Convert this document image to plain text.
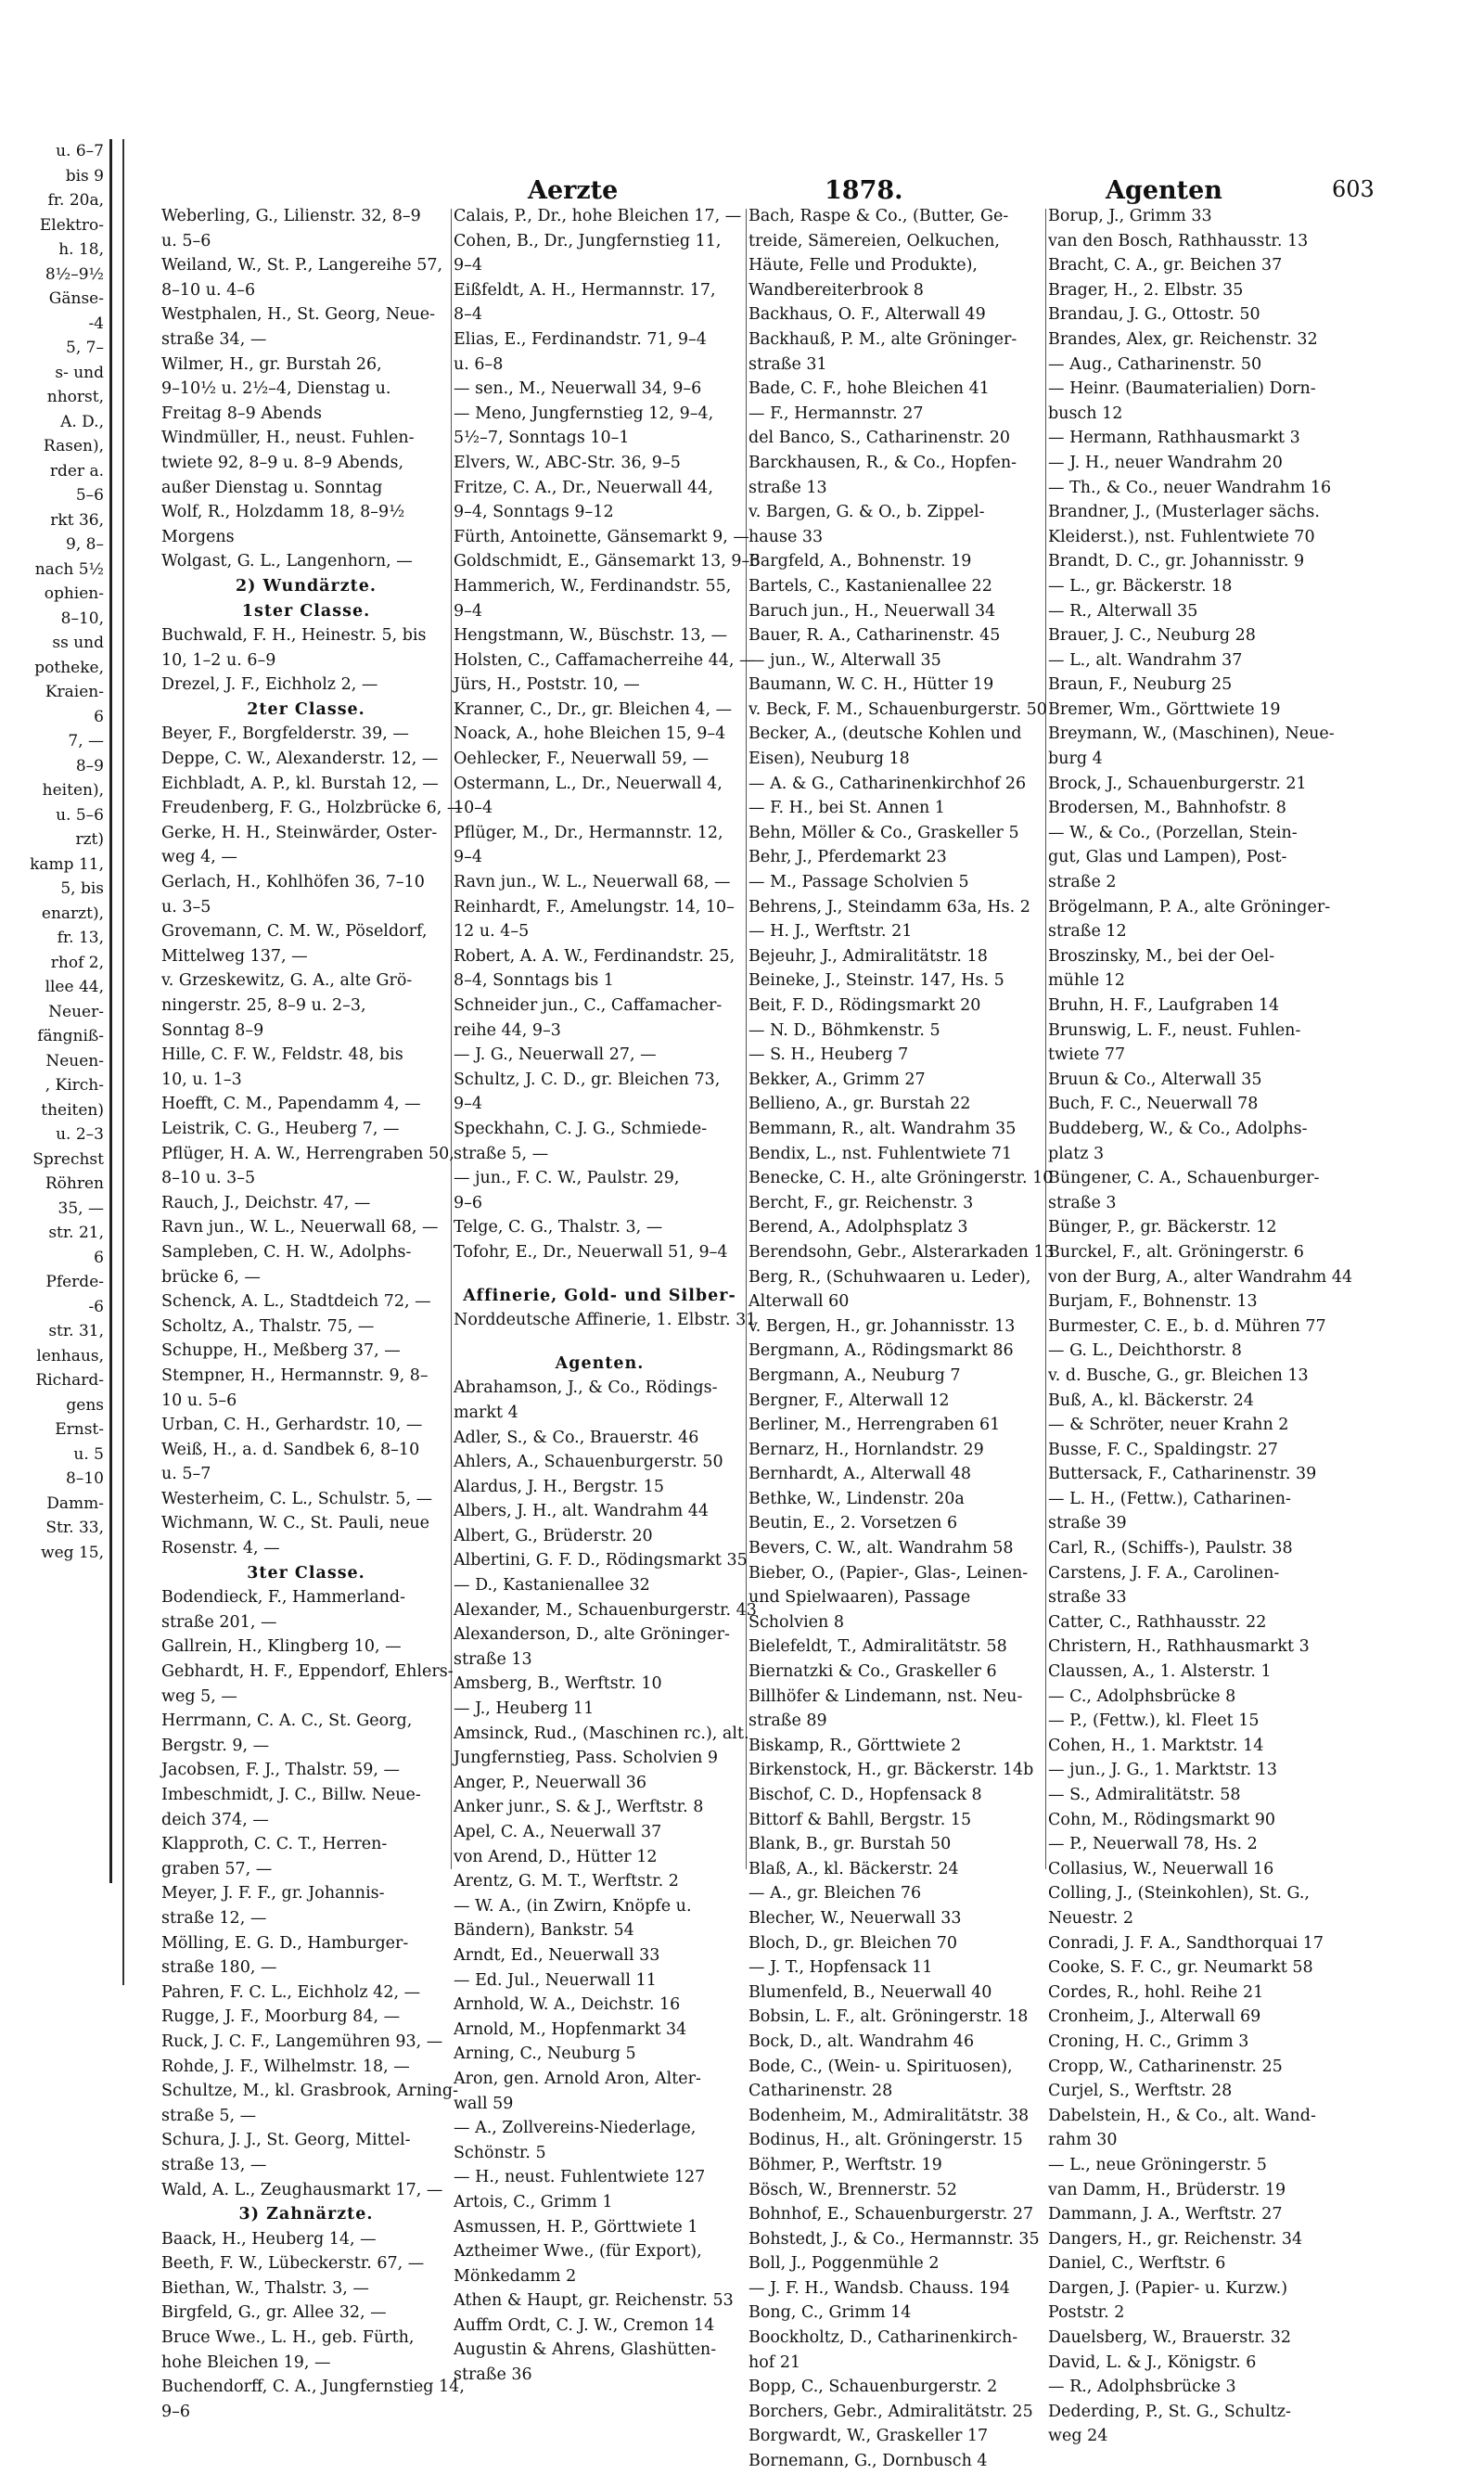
u. 6–7
bis 9
fr. 20a,
Elektro-
h. 18,
8½–9½
Gänse-
-4
5, 7–
s- und
nhorst,
A. D.,
Rasen),
rder a.
5–6
rkt 36,
9, 8–
nach 5½
ophien-
8–10,
ss und
potheke,
Kraien-
6
7, —
8–9
heiten),
u. 5–6
rzt)
kamp 11,
5, bis
enarzt),
fr. 13,
rhof 2,
llee 44,
Neuer-
fängniß-
Neuen-
, Kirch-
theiten)
u. 2–3
Sprechst
Röhren
35, —
str. 21,
6
Pferde-
-6
str. 31,
lenhaus,
Richard-
gens
Ernst-
u. 5
8–10
Damm-
Str. 33,
weg 15,
Aerzte	1878.	Agenten	603
Weberling, G., Lilienstr. 32, 8–9
u. 5–6
Weiland, W., St. P., Langereihe 57,
8–10 u. 4–6
Westphalen, H., St. Georg, Neue-
straße 34, —
Wilmer, H., gr. Burstah 26,
9–10½ u. 2½–4, Dienstag u.
Freitag 8–9 Abends
Windmüller, H., neust. Fuhlen-
twiete 92, 8–9 u. 8–9 Abends,
außer Dienstag u. Sonntag
Wolf, R., Holzdamm 18, 8–9½
Morgens
Wolgast, G. L., Langenhorn, —
2) Wundärzte.
1ster Classe.
Buchwald, F. H., Heinestr. 5, bis
10, 1–2 u. 6–9
Drezel, J. F., Eichholz 2, —
2ter Classe.
Beyer, F., Borgfelderstr. 39, —
Deppe, C. W., Alexanderstr. 12, —
Eichbladt, A. P., kl. Burstah 12, —
Freudenberg, F. G., Holzbrücke 6, —
Gerke, H. H., Steinwärder, Oster-
weg 4, —
Gerlach, H., Kohlhöfen 36, 7–10
u. 3–5
Grovemann, C. M. W., Pöseldorf,
Mittelweg 137, —
v. Grzeskewitz, G. A., alte Grö-
ningerstr. 25, 8–9 u. 2–3,
Sonntag 8–9
Hille, C. F. W., Feldstr. 48, bis
10, u. 1–3
Hoefft, C. M., Papendamm 4, —
Leistrik, C. G., Heuberg 7, —
Pflüger, H. A. W., Herrengraben 50,
8–10 u. 3–5
Rauch, J., Deichstr. 47, —
Ravn jun., W. L., Neuerwall 68, —
Sampleben, C. H. W., Adolphs-
brücke 6, —
Schenck, A. L., Stadtdeich 72, —
Scholtz, A., Thalstr. 75, —
Schuppe, H., Meßberg 37, —
Stempner, H., Hermannstr. 9, 8–
10 u. 5–6
Urban, C. H., Gerhardstr. 10, —
Weiß, H., a. d. Sandbek 6, 8–10
u. 5–7
Westerheim, C. L., Schulstr. 5, —
Wichmann, W. C., St. Pauli, neue
Rosenstr. 4, —
3ter Classe.
Bodendieck, F., Hammerland-
straße 201, —
Gallrein, H., Klingberg 10, —
Gebhardt, H. F., Eppendorf, Ehlers-
weg 5, —
Herrmann, C. A. C., St. Georg,
Bergstr. 9, —
Jacobsen, F. J., Thalstr. 59, —
Imbeschmidt, J. C., Billw. Neue-
deich 374, —
Klapproth, C. C. T., Herren-
graben 57, —
Meyer, J. F. F., gr. Johannis-
straße 12, —
Mölling, E. G. D., Hamburger-
straße 180, —
Pahren, F. C. L., Eichholz 42, —
Rugge, J. F., Moorburg 84, —
Ruck, J. C. F., Langemühren 93, —
Rohde, J. F., Wilhelmstr. 18, —
Schultze, M., kl. Grasbrook, Arning-
straße 5, —
Schura, J. J., St. Georg, Mittel-
straße 13, —
Wald, A. L., Zeughausmarkt 17, —
3) Zahnärzte.
Baack, H., Heuberg 14, —
Beeth, F. W., Lübeckerstr. 67, —
Biethan, W., Thalstr. 3, —
Birgfeld, G., gr. Allee 32, —
Bruce Wwe., L. H., geb. Fürth,
hohe Bleichen 19, —
Buchendorff, C. A., Jungfernstieg 14,
9–6
Calais, P., Dr., hohe Bleichen 17, —
Cohen, B., Dr., Jungfernstieg 11,
9–4
Eißfeldt, A. H., Hermannstr. 17,
8–4
Elias, E., Ferdinandstr. 71, 9–4
u. 6–8
— sen., M., Neuerwall 34, 9–6
— Meno, Jungfernstieg 12, 9–4,
5½–7, Sonntags 10–1
Elvers, W., ABC-Str. 36, 9–5
Fritze, C. A., Dr., Neuerwall 44,
9–4, Sonntags 9–12
Fürth, Antoinette, Gänsemarkt 9, —
Goldschmidt, E., Gänsemarkt 13, 9–6
Hammerich, W., Ferdinandstr. 55,
9–4
Hengstmann, W., Büschstr. 13, —
Holsten, C., Caffamacherreihe 44, —
Jürs, H., Poststr. 10, —
Kranner, C., Dr., gr. Bleichen 4, —
Noack, A., hohe Bleichen 15, 9–4
Oehlecker, F., Neuerwall 59, —
Ostermann, L., Dr., Neuerwall 4,
10–4
Pflüger, M., Dr., Hermannstr. 12,
9–4
Ravn jun., W. L., Neuerwall 68, —
Reinhardt, F., Amelungstr. 14, 10–
12 u. 4–5
Robert, A. A. W., Ferdinandstr. 25,
8–4, Sonntags bis 1
Schneider jun., C., Caffamacher-
reihe 44, 9–3
— J. G., Neuerwall 27, —
Schultz, J. C. D., gr. Bleichen 73,
9–4
Speckhahn, C. J. G., Schmiede-
straße 5, —
— jun., F. C. W., Paulstr. 29,
9–6
Telge, C. G., Thalstr. 3, —
Tofohr, E., Dr., Neuerwall 51, 9–4
Affinerie, Gold- und Silber-
Norddeutsche Affinerie, 1. Elbstr. 31
Agenten.
Abrahamson, J., & Co., Rödings-
markt 4
Adler, S., & Co., Brauerstr. 46
Ahlers, A., Schauenburgerstr. 50
Alardus, J. H., Bergstr. 15
Albers, J. H., alt. Wandrahm 44
Albert, G., Brüderstr. 20
Albertini, G. F. D., Rödingsmarkt 35
— D., Kastanienallee 32
Alexander, M., Schauenburgerstr. 43
Alexanderson, D., alte Gröninger-
straße 13
Amsberg, B., Werftstr. 10
— J., Heuberg 11
Amsinck, Rud., (Maschinen rc.), alt.
Jungfernstieg, Pass. Scholvien 9
Anger, P., Neuerwall 36
Anker junr., S. & J., Werftstr. 8
Apel, C. A., Neuerwall 37
von Arend, D., Hütter 12
Arentz, G. M. T., Werftstr. 2
— W. A., (in Zwirn, Knöpfe u.
Bändern), Bankstr. 54
Arndt, Ed., Neuerwall 33
— Ed. Jul., Neuerwall 11
Arnhold, W. A., Deichstr. 16
Arnold, M., Hopfenmarkt 34
Arning, C., Neuburg 5
Aron, gen. Arnold Aron, Alter-
wall 59
— A., Zollvereins-Niederlage,
Schönstr. 5
— H., neust. Fuhlentwiete 127
Artois, C., Grimm 1
Asmussen, H. P., Görttwiete 1
Aztheimer Wwe., (für Export),
Mönkedamm 2
Athen & Haupt, gr. Reichenstr. 53
Auffm Ordt, C. J. W., Cremon 14
Augustin & Ahrens, Glashütten-
straße 36
Bach, Raspe & Co., (Butter, Ge-
treide, Sämereien, Oelkuchen,
Häute, Felle und Produkte),
Wandbereiterbrook 8
Backhaus, O. F., Alterwall 49
Backhauß, P. M., alte Gröninger-
straße 31
Bade, C. F., hohe Bleichen 41
— F., Hermannstr. 27
del Banco, S., Catharinenstr. 20
Barckhausen, R., & Co., Hopfen-
straße 13
v. Bargen, G. & O., b. Zippel-
hause 33
Bargfeld, A., Bohnenstr. 19
Bartels, C., Kastanienallee 22
Baruch jun., H., Neuerwall 34
Bauer, R. A., Catharinenstr. 45
— jun., W., Alterwall 35
Baumann, W. C. H., Hütter 19
v. Beck, F. M., Schauenburgerstr. 50
Becker, A., (deutsche Kohlen und
Eisen), Neuburg 18
— A. & G., Catharinenkirchhof 26
— F. H., bei St. Annen 1
Behn, Möller & Co., Graskeller 5
Behr, J., Pferdemarkt 23
— M., Passage Scholvien 5
Behrens, J., Steindamm 63a, Hs. 2
— H. J., Werftstr. 21
Bejeuhr, J., Admiralitätstr. 18
Beineke, J., Steinstr. 147, Hs. 5
Beit, F. D., Rödingsmarkt 20
— N. D., Böhmkenstr. 5
— S. H., Heuberg 7
Bekker, A., Grimm 27
Bellieno, A., gr. Burstah 22
Bemmann, R., alt. Wandrahm 35
Bendix, L., nst. Fuhlentwiete 71
Benecke, C. H., alte Gröningerstr. 10
Bercht, F., gr. Reichenstr. 3
Berend, A., Adolphsplatz 3
Berendsohn, Gebr., Alsterarkaden 13
Berg, R., (Schuhwaaren u. Leder),
Alterwall 60
v. Bergen, H., gr. Johannisstr. 13
Bergmann, A., Rödingsmarkt 86
Bergmann, A., Neuburg 7
Bergner, F., Alterwall 12
Berliner, M., Herrengraben 61
Bernarz, H., Hornlandstr. 29
Bernhardt, A., Alterwall 48
Bethke, W., Lindenstr. 20a
Beutin, E., 2. Vorsetzen 6
Bevers, C. W., alt. Wandrahm 58
Bieber, O., (Papier-, Glas-, Leinen-
und Spielwaaren), Passage
Scholvien 8
Bielefeldt, T., Admiralitätstr. 58
Biernatzki & Co., Graskeller 6
Billhöfer & Lindemann, nst. Neu-
straße 89
Biskamp, R., Görttwiete 2
Birkenstock, H., gr. Bäckerstr. 14b
Bischof, C. D., Hopfensack 8
Bittorf & Bahll, Bergstr. 15
Blank, B., gr. Burstah 50
Blaß, A., kl. Bäckerstr. 24
— A., gr. Bleichen 76
Blecher, W., Neuerwall 33
Bloch, D., gr. Bleichen 70
— J. T., Hopfensack 11
Blumenfeld, B., Neuerwall 40
Bobsin, L. F., alt. Gröningerstr. 18
Bock, D., alt. Wandrahm 46
Bode, C., (Wein- u. Spirituosen),
Catharinenstr. 28
Bodenheim, M., Admiralitätstr. 38
Bodinus, H., alt. Gröningerstr. 15
Böhmer, P., Werftstr. 19
Bösch, W., Brennerstr. 52
Bohnhof, E., Schauenburgerstr. 27
Bohstedt, J., & Co., Hermannstr. 35
Boll, J., Poggenmühle 2
— J. F. H., Wandsb. Chauss. 194
Bong, C., Grimm 14
Boockholtz, D., Catharinenkirch-
hof 21
Bopp, C., Schauenburgerstr. 2
Borchers, Gebr., Admiralitätstr. 25
Borgwardt, W., Graskeller 17
Bornemann, G., Dornbusch 4
Borup, J., Grimm 33
van den Bosch, Rathhausstr. 13
Bracht, C. A., gr. Beichen 37
Brager, H., 2. Elbstr. 35
Brandau, J. G., Ottostr. 50
Brandes, Alex, gr. Reichenstr. 32
— Aug., Catharinenstr. 50
— Heinr. (Baumaterialien) Dorn-
busch 12
— Hermann, Rathhausmarkt 3
— J. H., neuer Wandrahm 20
— Th., & Co., neuer Wandrahm 16
Brandner, J., (Musterlager sächs.
Kleiderst.), nst. Fuhlentwiete 70
Brandt, D. C., gr. Johannisstr. 9
— L., gr. Bäckerstr. 18
— R., Alterwall 35
Brauer, J. C., Neuburg 28
— L., alt. Wandrahm 37
Braun, F., Neuburg 25
Bremer, Wm., Görttwiete 19
Breymann, W., (Maschinen), Neue-
burg 4
Brock, J., Schauenburgerstr. 21
Brodersen, M., Bahnhofstr. 8
— W., & Co., (Porzellan, Stein-
gut, Glas und Lampen), Post-
straße 2
Brögelmann, P. A., alte Gröninger-
straße 12
Broszinsky, M., bei der Oel-
mühle 12
Bruhn, H. F., Laufgraben 14
Brunswig, L. F., neust. Fuhlen-
twiete 77
Bruun & Co., Alterwall 35
Buch, F. C., Neuerwall 78
Buddeberg, W., & Co., Adolphs-
platz 3
Büngener, C. A., Schauenburger-
straße 3
Bünger, P., gr. Bäckerstr. 12
Burckel, F., alt. Gröningerstr. 6
von der Burg, A., alter Wandrahm 44
Burjam, F., Bohnenstr. 13
Burmester, C. E., b. d. Mühren 77
— G. L., Deichthorstr. 8
v. d. Busche, G., gr. Bleichen 13
Buß, A., kl. Bäckerstr. 24
— & Schröter, neuer Krahn 2
Busse, F. C., Spaldingstr. 27
Buttersack, F., Catharinenstr. 39
— L. H., (Fettw.), Catharinen-
straße 39
Carl, R., (Schiffs-), Paulstr. 38
Carstens, J. F. A., Carolinen-
straße 33
Catter, C., Rathhausstr. 22
Christern, H., Rathhausmarkt 3
Claussen, A., 1. Alsterstr. 1
— C., Adolphsbrücke 8
— P., (Fettw.), kl. Fleet 15
Cohen, H., 1. Marktstr. 14
— jun., J. G., 1. Marktstr. 13
— S., Admiralitätstr. 58
Cohn, M., Rödingsmarkt 90
— P., Neuerwall 78, Hs. 2
Collasius, W., Neuerwall 16
Colling, J., (Steinkohlen), St. G.,
Neuestr. 2
Conradi, J. F. A., Sandthorquai 17
Cooke, S. F. C., gr. Neumarkt 58
Cordes, R., hohl. Reihe 21
Cronheim, J., Alterwall 69
Croning, H. C., Grimm 3
Cropp, W., Catharinenstr. 25
Curjel, S., Werftstr. 28
Dabelstein, H., & Co., alt. Wand-
rahm 30
— L., neue Gröningerstr. 5
van Damm, H., Brüderstr. 19
Dammann, J. A., Werftstr. 27
Dangers, H., gr. Reichenstr. 34
Daniel, C., Werftstr. 6
Dargen, J. (Papier- u. Kurzw.)
Poststr. 2
Dauelsberg, W., Brauerstr. 32
David, L. & J., Königstr. 6
— R., Adolphsbrücke 3
Dederding, P., St. G., Schultz-
weg 24
